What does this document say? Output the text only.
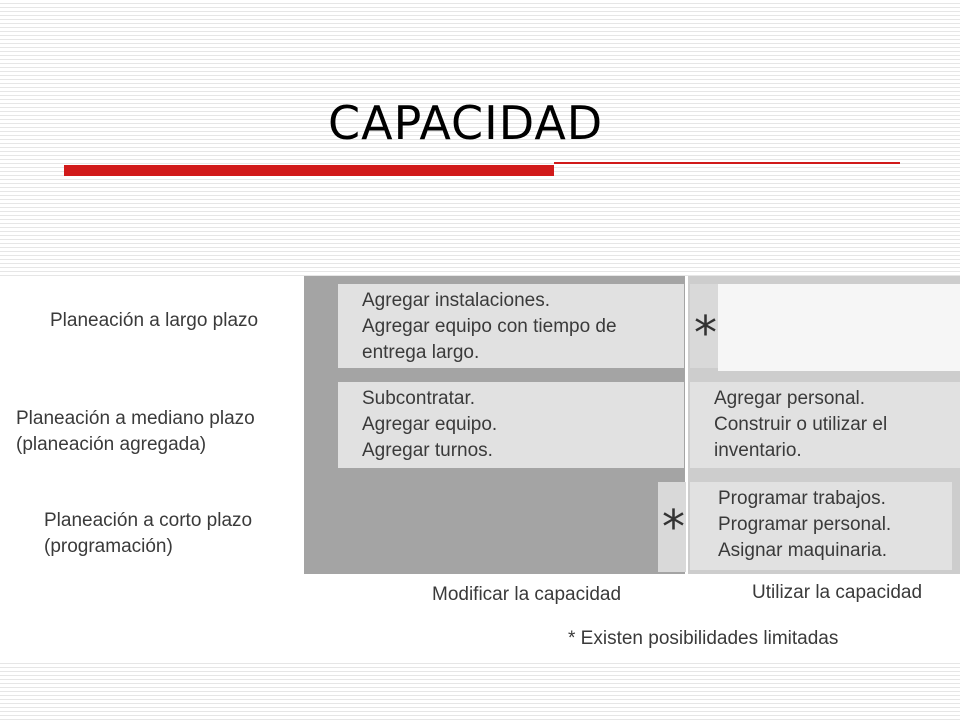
CAPACIDAD
Planeación a largo plazo
Planeación a mediano plazo
(planeación agregada)
Planeación a corto plazo
(programación)
Agregar instalaciones.
Agregar equipo con tiempo de
entrega largo.
Subcontratar.
Agregar equipo.
Agregar turnos.
Agregar personal.
Construir o utilizar el
inventario.
Programar trabajos.
Programar personal.
Asignar maquinaria.
*
*
Modificar la capacidad	Utilizar la capacidad
* Existen posibilidades limitadas
